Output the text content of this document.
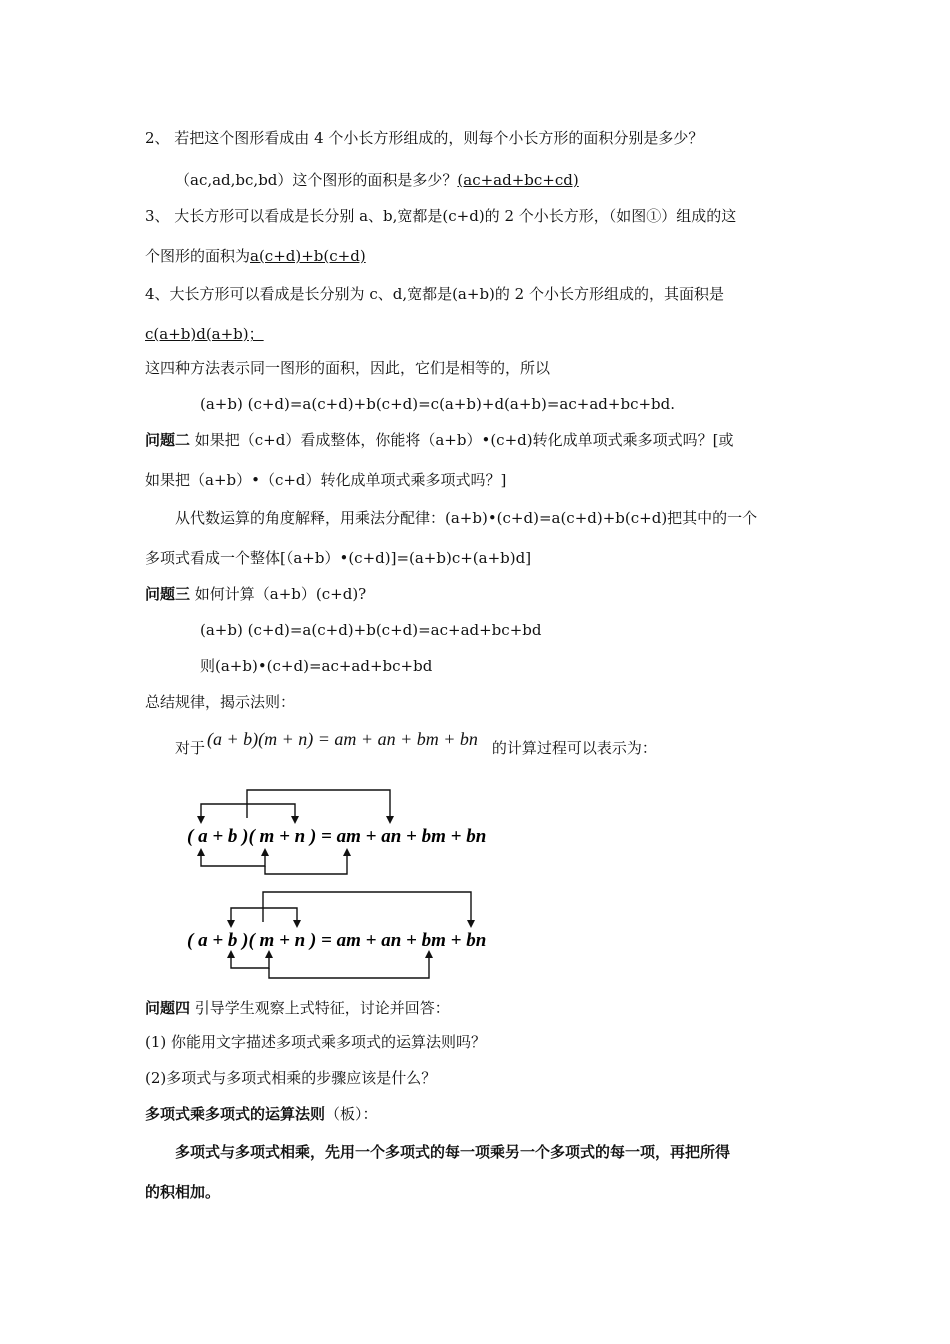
2、 若把这个图形看成由 4 个小长方形组成的，则每个小长方形的面积分别是多少？
（ac,ad,bc,bd）这个图形的面积是多少？(ac+ad+bc+cd)
3、 大长方形可以看成是长分别 a、b,宽都是(c+d)的 2 个小长方形，（如图①）组成的这
个图形的面积为a(c+d)+b(c+d)
4、大长方形可以看成是长分别为 c、d,宽都是(a+b)的 2 个小长方形组成的，其面积是
c(a+b)d(a+b)；
这四种方法表示同一图形的面积，因此，它们是相等的，所以
(a+b) (c+d)=a(c+d)+b(c+d)=c(a+b)+d(a+b)=ac+ad+bc+bd.
问题二 如果把（c+d）看成整体，你能将（a+b）•(c+d)转化成单项式乘多项式吗？[或
如果把（a+b）•（c+d）转化成单项式乘多项式吗？]
从代数运算的角度解释，用乘法分配律：(a+b)•(c+d)=a(c+d)+b(c+d)把其中的一个
多项式看成一个整体[（a+b）•(c+d)]=(a+b)c+(a+b)d]
问题三 如何计算（a+b）(c+d)?
(a+b) (c+d)=a(c+d)+b(c+d)=ac+ad+bc+bd
则(a+b)•(c+d)=ac+ad+bc+bd
总结规律，揭示法则：
对于 (a + b)(m + n) = am + an + bm + bn 的计算过程可以表示为：
( a + b )( m + n ) = am + an + bm + bn
( a + b )( m + n ) = am + an + bm + bn
问题四 引导学生观察上式特征，讨论并回答：
(1) 你能用文字描述多项式乘多项式的运算法则吗？
(2)多项式与多项式相乘的步骤应该是什么？
多项式乘多项式的运算法则（板）：
多项式与多项式相乘，先用一个多项式的每一项乘另一个多项式的每一项，再把所得
的积相加。
